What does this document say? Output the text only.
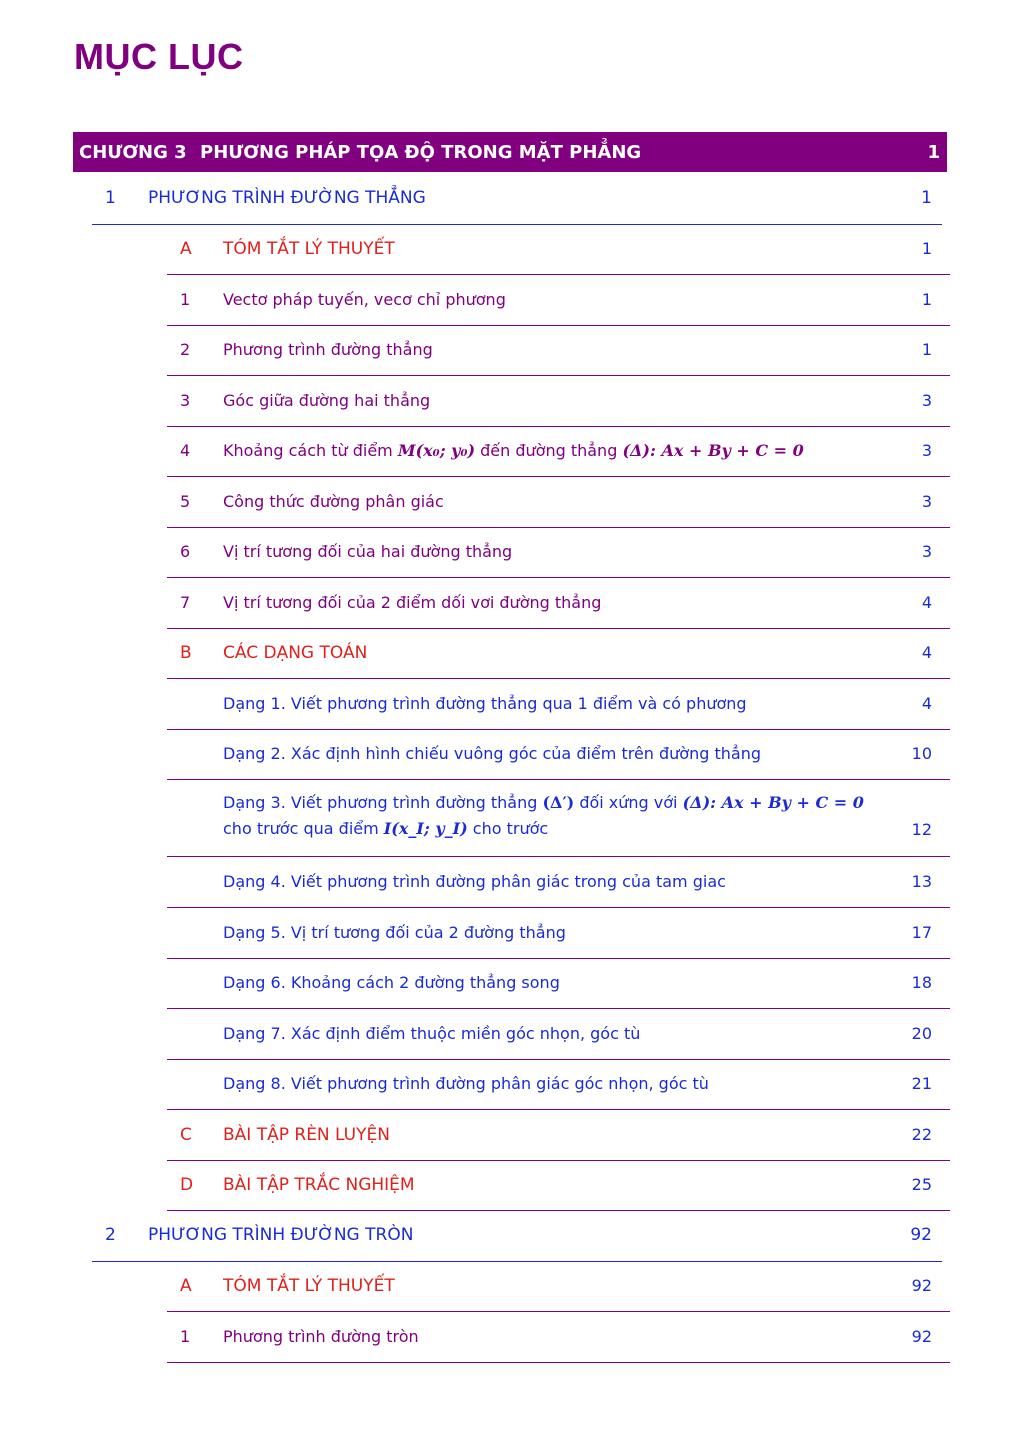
MỤC LỤC
CHƯƠNG 3 PHƯƠNG PHÁP TỌA ĐỘ TRONG MẶT PHẲNG	1
1 PHƯƠNG TRÌNH ĐƯỜNG THẲNG	1
A TÓM TẮT LÝ THUYẾT	1
1 Vectơ pháp tuyến, vecơ chỉ phương	1
2 Phương trình đường thẳng	1
3 Góc giữa đường hai thẳng	3
4 Khoảng cách từ điểm M(x₀; y₀) đến đường thẳng (Δ): Ax + By + C = 0	3
5 Công thức đường phân giác	3
6 Vị trí tương đối của hai đường thẳng	3
7 Vị trí tương đối của 2 điểm dối vơi đường thẳng	4
B CÁC DẠNG TOÁN	4
Dạng 1. Viết phương trình đường thẳng qua 1 điểm và có phương	4
Dạng 2. Xác định hình chiếu vuông góc của điểm trên đường thẳng	10
Dạng 3. Viết phương trình đường thẳng (Δ′) đối xứng với (Δ): Ax + By + C = 0
cho trước qua điểm I(x_I; y_I) cho trước	12
Dạng 4. Viết phương trình đường phân giác trong của tam giac	13
Dạng 5. Vị trí tương đối của 2 đường thẳng	17
Dạng 6. Khoảng cách 2 đường thẳng song	18
Dạng 7. Xác định điểm thuộc miền góc nhọn, góc tù	20
Dạng 8. Viết phương trình đường phân giác góc nhọn, góc tù	21
C BÀI TẬP RÈN LUYỆN	22
D BÀI TẬP TRẮC NGHIỆM	25
2 PHƯƠNG TRÌNH ĐƯỜNG TRÒN	92
A TÓM TẮT LÝ THUYẾT	92
1 Phương trình đường tròn	92
